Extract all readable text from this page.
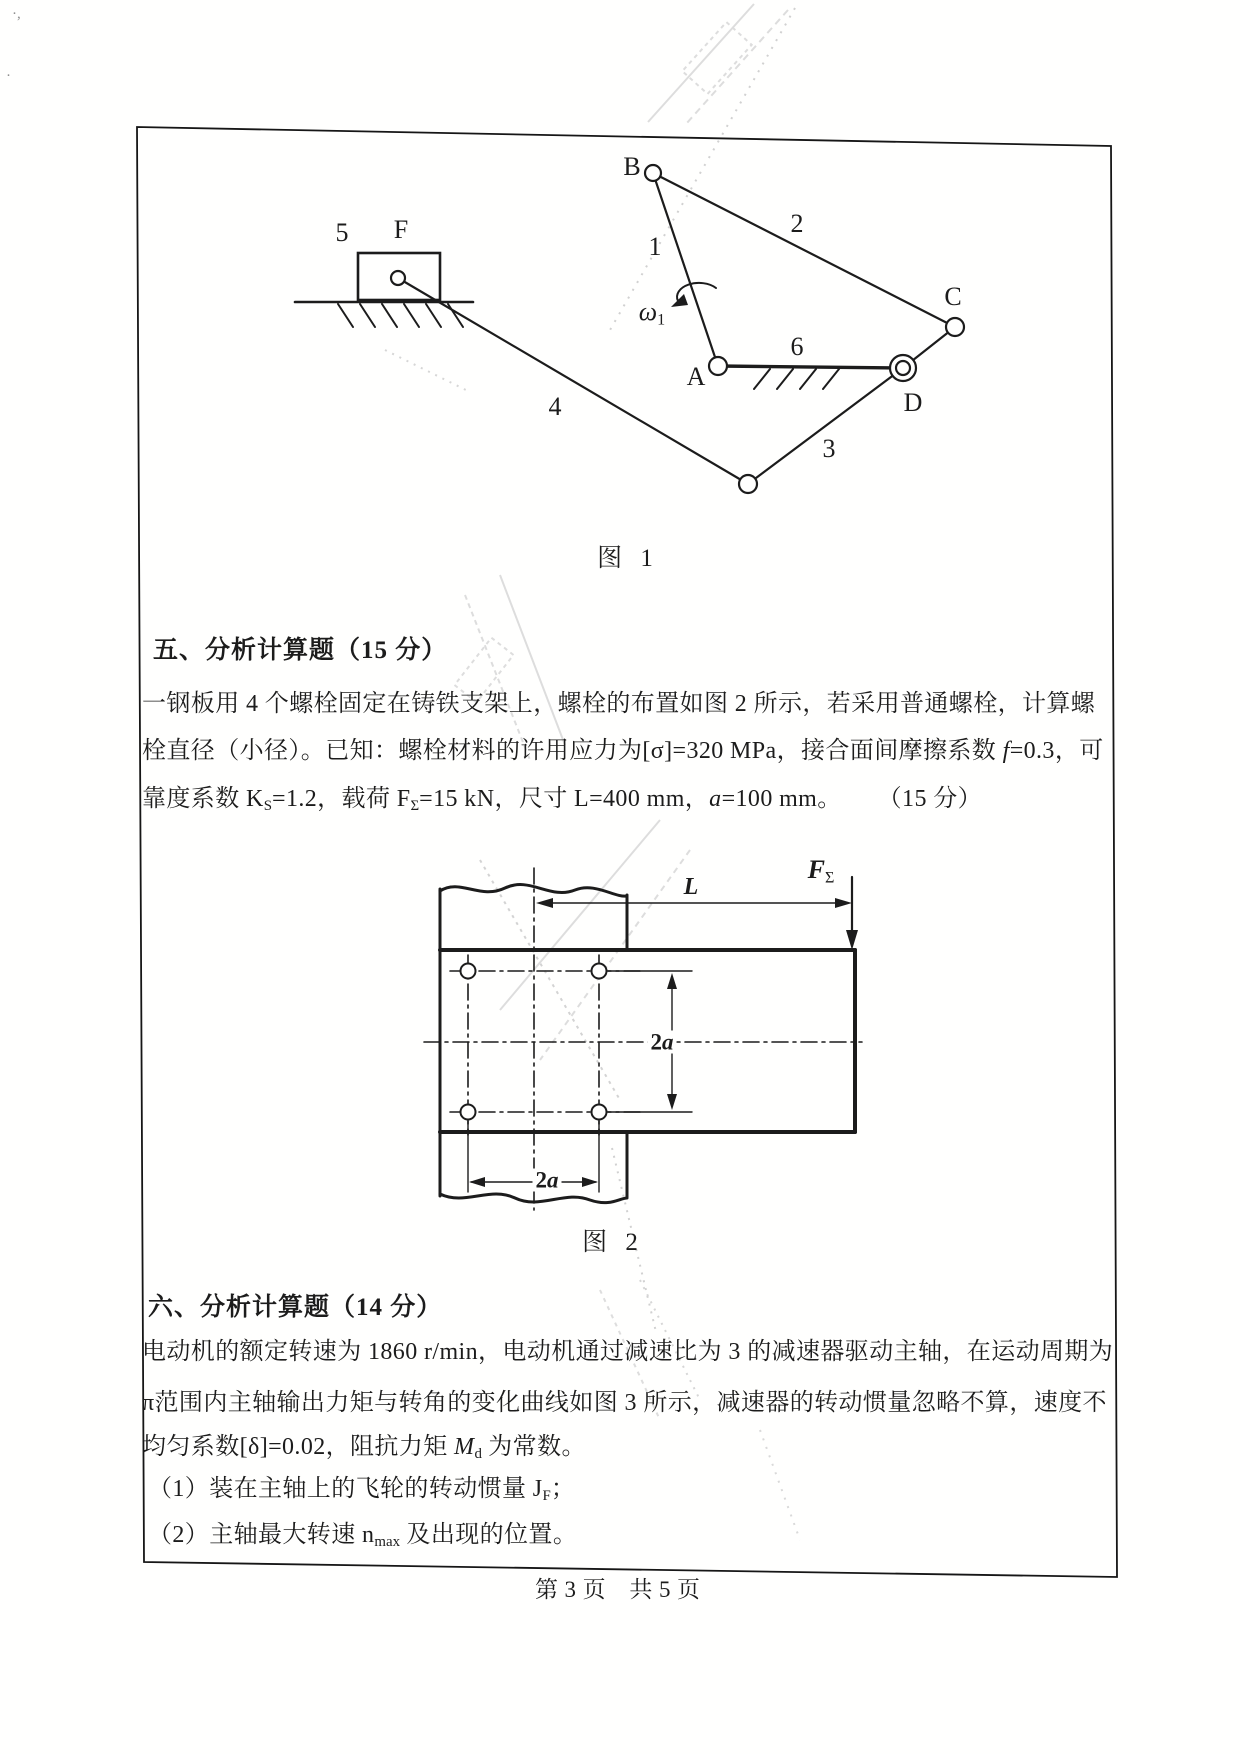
·,
·
B
2
1
$\omega_1$
C
6
A
D
3
4
5 F
图 1
五、分析计算题（15 分）
一钢板用 4 个螺栓固定在铸铁支架上，螺栓的布置如图 2 所示，若采用普通螺栓，计算螺
栓直径（小径）。已知：螺栓材料的许用应力为[σ]=320 MPa，接合面间摩擦系数 f=0.3，可
靠度系数 $K_S=1.2$，载荷 $F_\Sigma=15$ kN，尺寸 L=400 mm，a=100 mm。 （15 分）
L
$F_\Sigma$
2a
2a
图 2
六、分析计算题（14 分）
电动机的额定转速为 1860 r/min，电动机通过减速比为 3 的减速器驱动主轴，在运动周期为
π范围内主轴输出力矩与转角的变化曲线如图 3 所示，减速器的转动惯量忽略不算，速度不
均匀系数[δ]=0.02，阻抗力矩 $M_d$ 为常数。
（1）装在主轴上的飞轮的转动惯量 $J_F$；
（2）主轴最大转速 $n_{max}$ 及出现的位置。
第 3 页　共 5 页
